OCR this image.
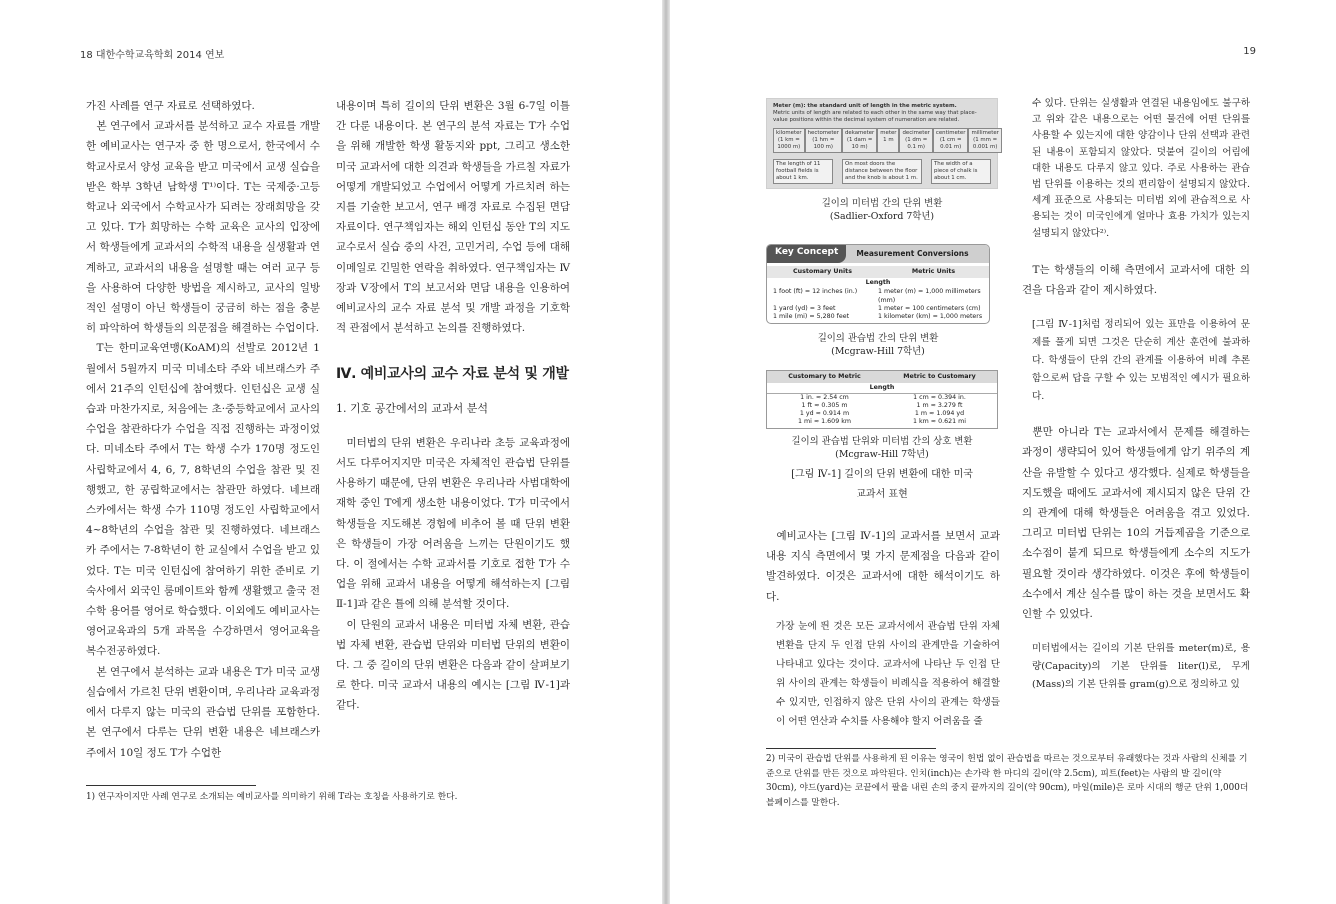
18 대한수학교육학회 2014 연보

가진 사례를 연구 자료로 선택하였다.

본 연구에서 교과서를 분석하고 교수 자료를 개발한 예비교사는 연구자 중 한 명으로서, 한국에서 수학교사로서 양성 교육을 받고 미국에서 교생 실습을 받은 학부 3학년 남학생 T¹⁾이다. T는 국제중·고등학교나 외국에서 수학교사가 되려는 장래희망을 갖고 있다. T가 희망하는 수학 교육은 교사의 입장에서 학생들에게 교과서의 수학적 내용을 실생활과 연계하고, 교과서의 내용을 설명할 때는 여러 교구 등을 사용하여 다양한 방법을 제시하고, 교사의 일방적인 설명이 아닌 학생들이 궁금히 하는 점을 충분히 파악하여 학생들의 의문점을 해결하는 수업이다.

T는 한미교육연맹(KoAM)의 선발로 2012년 1월에서 5월까지 미국 미네소타 주와 네브래스카 주에서 21주의 인턴십에 참여했다. 인턴십은 교생 실습과 마찬가지로, 처음에는 초·중등학교에서 교사의 수업을 참관하다가 수업을 직접 진행하는 과정이었다. 미네소타 주에서 T는 학생 수가 170명 정도인 사립학교에서 4, 6, 7, 8학년의 수업을 참관 및 진행했고, 한 공립학교에서는 참관만 하였다. 네브래스카에서는 학생 수가 110명 정도인 사립학교에서 4~8학년의 수업을 참관 및 진행하였다. 네브래스카 주에서는 7-8학년이 한 교실에서 수업을 받고 있었다. T는 미국 인턴십에 참여하기 위한 준비로 기숙사에서 외국인 룸메이트와 함께 생활했고 출국 전 수학 용어를 영어로 학습했다. 이외에도 예비교사는 영어교육과의 5개 과목을 수강하면서 영어교육을 복수전공하였다.

본 연구에서 분석하는 교과 내용은 T가 미국 교생실습에서 가르친 단위 변환이며, 우리나라 교육과정에서 다루지 않는 미국의 관습법 단위를 포함한다. 본 연구에서 다루는 단위 변환 내용은 네브래스카 주에서 10일 정도 T가 수업한

내용이며 특히 길이의 단위 변환은 3월 6-7일 이틀간 다룬 내용이다. 본 연구의 분석 자료는 T가 수업을 위해 개발한 학생 활동지와 ppt, 그리고 생소한 미국 교과서에 대한 의견과 학생들을 가르칠 자료가 어떻게 개발되었고 수업에서 어떻게 가르치려 하는지를 기술한 보고서, 연구 배경 자료로 수집된 면담 자료이다. 연구책임자는 해외 인턴십 동안 T의 지도교수로서 실습 중의 사건, 고민거리, 수업 등에 대해 이메일로 긴밀한 연락을 취하였다. 연구책임자는 Ⅳ장과 Ⅴ장에서 T의 보고서와 면담 내용을 인용하여 예비교사의 교수 자료 분석 및 개발 과정을 기호학적 관점에서 분석하고 논의를 진행하였다.

Ⅳ. 예비교사의 교수 자료 분석 및 개발
1. 기호 공간에서의 교과서 분석

미터법의 단위 변환은 우리나라 초등 교육과정에서도 다루어지지만 미국은 자체적인 관습법 단위를 사용하기 때문에, 단위 변환은 우리나라 사범대학에 재학 중인 T에게 생소한 내용이었다. T가 미국에서 학생들을 지도해본 경험에 비추어 볼 때 단위 변환은 학생들이 가장 어려움을 느끼는 단원이기도 했다. 이 절에서는 수학 교과서를 기호로 접한 T가 수업을 위해 교과서 내용을 어떻게 해석하는지 [그림 Ⅱ-1]과 같은 틀에 의해 분석할 것이다.

이 단원의 교과서 내용은 미터법 자체 변환, 관습법 자체 변환, 관습법 단위와 미터법 단위의 변환이다. 그 중 길이의 단위 변환은 다음과 같이 살펴보기로 한다. 미국 교과서 내용의 예시는 [그림 Ⅳ-1]과 같다.

1) 연구자이지만 사례 연구로 소개되는 예비교사를 의미하기 위해 T라는 호칭을 사용하기로 한다.
19
Meter (m): the standard unit of length in the metric system.
Metric units of length are related to each other in the same way that place-value positions within the decimal system of numeration are related.
kilometer (1 km = 1000 m)
hectometer (1 hm = 100 m)
dekameter (1 dam = 10 m)
meter 1 m
decimeter (1 dm = 0.1 m)
centimeter (1 cm = 0.01 m)
millimeter (1 mm = 0.001 m)
The length of 11 football fields is about 1 km.
On most doors the distance between the floor and the knob is about 1 m.
The width of a piece of chalk is about 1 cm.
길이의 미터법 간의 단위 변환
(Sadlier-Oxford 7학년)
Key Concept	Measurement Conversions
Customary Units	Metric Units
Length
1 foot (ft) = 12 inches (in.)	1 meter (m) = 1,000 millimeters (mm)
1 yard (yd) = 3 feet	1 meter = 100 centimeters (cm)
1 mile (mi) = 5,280 feet	1 kilometer (km) = 1,000 meters
길이의 관습법 간의 단위 변환
(Mcgraw-Hill 7학년)
Customary to Metric	Metric to Customary
Length
1 in. ≈ 2.54 cm	1 cm ≈ 0.394 in.
1 ft ≈ 0.305 m	1 m ≈ 3.279 ft
1 yd ≈ 0.914 m	1 m ≈ 1.094 yd
1 mi ≈ 1.609 km	1 km ≈ 0.621 mi
길이의 관습법 단위와 미터법 간의 상호 변환
(Mcgraw-Hill 7학년)
[그림 Ⅳ-1] 길이의 단위 변환에 대한 미국 교과서 표현

예비교사는 [그림 Ⅳ-1]의 교과서를 보면서 교과 내용 지식 측면에서 몇 가지 문제점을 다음과 같이 발견하였다. 이것은 교과서에 대한 해석이기도 하다.

가장 눈에 띈 것은 모든 교과서에서 관습법 단위 자체 변환을 단지 두 인접 단위 사이의 관계만을 기술하여 나타내고 있다는 것이다. 교과서에 나타난 두 인접 단위 사이의 관계는 학생들이 비례식을 적용하여 해결할 수 있지만, 인접하지 않은 단위 사이의 관계는 학생들이 어떤 연산과 수치를 사용해야 할지 어려움을 줄
수 있다. 단위는 실생활과 연결된 내용임에도 불구하고 위와 같은 내용으로는 어떤 물건에 어떤 단위를 사용할 수 있는지에 대한 양감이나 단위 선택과 관련된 내용이 포함되지 않았다. 덧붙여 길이의 어림에 대한 내용도 다루지 않고 있다. 주로 사용하는 관습법 단위를 이용하는 것의 편리함이 설명되지 않았다. 세계 표준으로 사용되는 미터법 외에 관습적으로 사용되는 것이 미국인에게 얼마나 효용 가치가 있는지 설명되지 않았다²⁾.

T는 학생들의 이해 측면에서 교과서에 대한 의견을 다음과 같이 제시하였다.

[그림 Ⅳ-1]처럼 정리되어 있는 표만을 이용하여 문제를 풀게 되면 그것은 단순히 계산 훈련에 불과하다. 학생들이 단위 간의 관계를 이용하여 비례 추론함으로써 답을 구할 수 있는 모범적인 예시가 필요하다.

뿐만 아니라 T는 교과서에서 문제를 해결하는 과정이 생략되어 있어 학생들에게 암기 위주의 계산을 유발할 수 있다고 생각했다. 실제로 학생들을 지도했을 때에도 교과서에 제시되지 않은 단위 간의 관계에 대해 학생들은 어려움을 겪고 있었다. 그리고 미터법 단위는 10의 거듭제곱을 기준으로 소수점이 붙게 되므로 학생들에게 소수의 지도가 필요할 것이라 생각하였다. 이것은 후에 학생들이 소수에서 계산 실수를 많이 하는 것을 보면서도 확인할 수 있었다.

미터법에서는 길이의 기본 단위를 meter(m)로, 용량(Capacity)의 기본 단위를 liter(l)로, 무게(Mass)의 기본 단위를 gram(g)으로 정의하고 있
2) 미국이 관습법 단위를 사용하게 된 이유는 영국이 헌법 없이 관습법을 따르는 것으로부터 유래했다는 것과 사람의 신체를 기준으로 단위를 만든 것으로 파악된다. 인치(inch)는 손가락 한 마디의 길이(약 2.5cm), 피트(feet)는 사람의 발 길이(약 30cm), 야드(yard)는 코끝에서 팔을 내린 손의 중지 끝까지의 길이(약 90cm), 마일(mile)은 로마 시대의 행군 단위 1,000더블페이스를 말한다.
